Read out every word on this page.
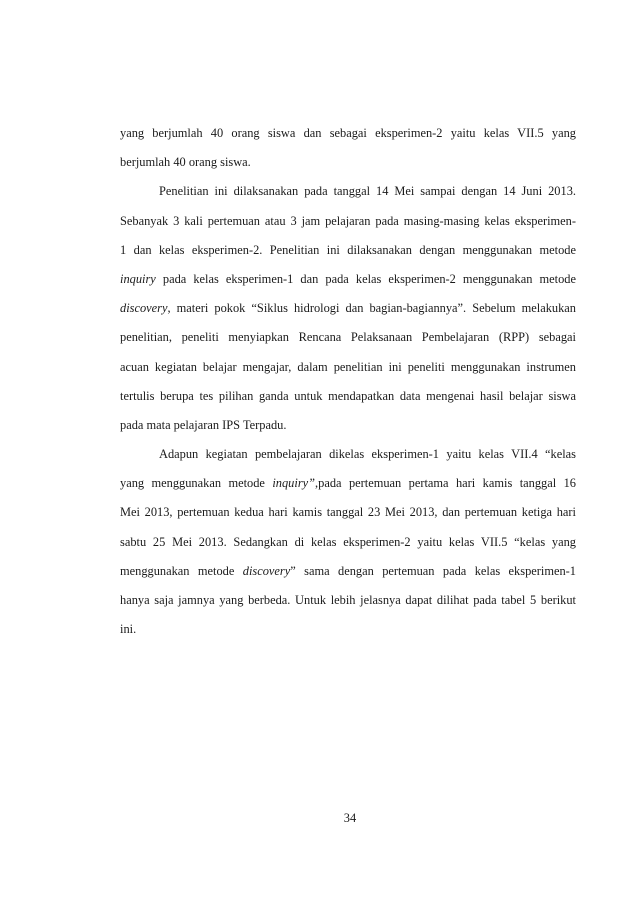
yang berjumlah 40 orang siswa dan sebagai eksperimen-2 yaitu kelas VII.5 yang
berjumlah 40 orang siswa.
Penelitian ini dilaksanakan pada tanggal 14 Mei sampai dengan 14 Juni 2013.
Sebanyak 3 kali pertemuan atau 3 jam pelajaran pada masing-masing kelas eksperimen-
1 dan kelas eksperimen-2. Penelitian ini dilaksanakan dengan menggunakan metode
inquiry pada kelas eksperimen-1 dan pada kelas eksperimen-2 menggunakan metode
discovery, materi pokok “Siklus hidrologi dan bagian-bagiannya”. Sebelum melakukan
penelitian, peneliti menyiapkan Rencana Pelaksanaan Pembelajaran (RPP) sebagai
acuan kegiatan belajar mengajar, dalam penelitian ini peneliti menggunakan instrumen
tertulis berupa tes pilihan ganda untuk mendapatkan data mengenai hasil belajar siswa
pada mata pelajaran IPS Terpadu.
Adapun kegiatan pembelajaran dikelas eksperimen-1 yaitu kelas VII.4 “kelas
yang menggunakan metode inquiry”,pada pertemuan pertama hari kamis tanggal 16
Mei 2013, pertemuan kedua hari kamis tanggal 23 Mei 2013, dan pertemuan ketiga hari
sabtu 25 Mei 2013. Sedangkan di kelas eksperimen-2 yaitu kelas VII.5 “kelas yang
menggunakan metode discovery” sama dengan pertemuan pada kelas eksperimen-1
hanya saja jamnya yang berbeda. Untuk lebih jelasnya dapat dilihat pada tabel 5 berikut
ini.
34
